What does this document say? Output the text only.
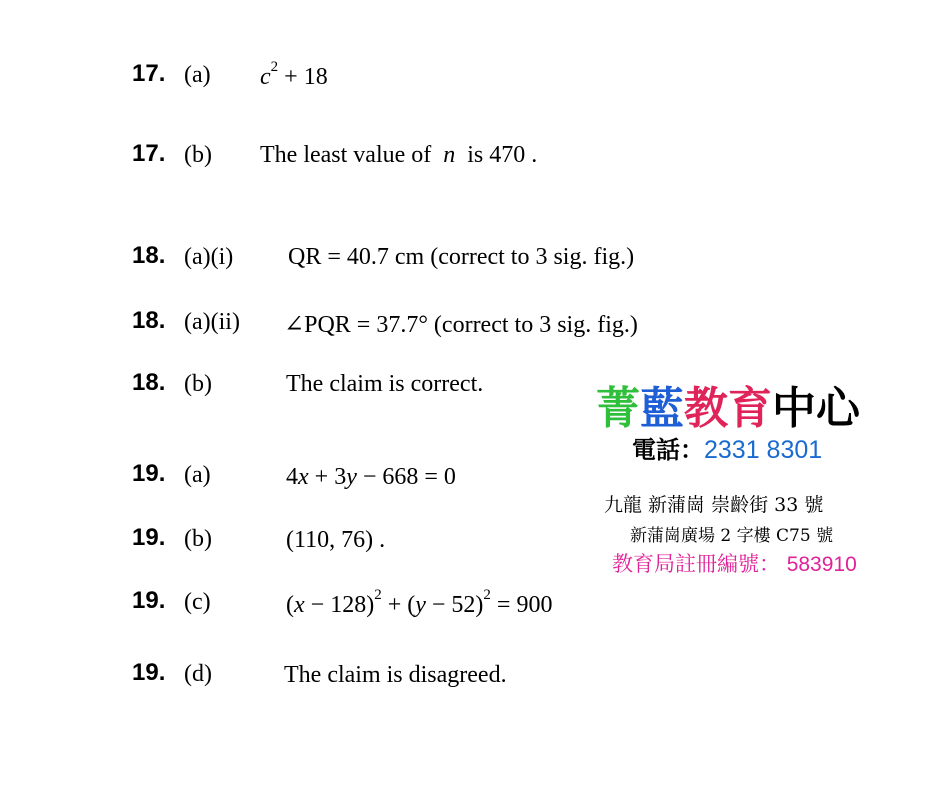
17. (a) $c^2 + 18$
17. (b) The least value of n is 470 .
18. (a)(i) QR = 40.7 cm (correct to 3 sig. fig.)
18. (a)(ii) ∠PQR = 37.7° (correct to 3 sig. fig.)
18. (b)	The claim is correct.
19. (a)	4x + 3y − 668 = 0
19. (b)	(110, 76) .
19. (c)	$(x - 128)^2 + (y - 52)^2 = 900$
19. (d)	The claim is disagreed.
菁藍教育中心
電話：2331 8301
九龍 新蒲崗 崇齡街 33 號
新蒲崗廣場 2 字樓 C75 號
教育局註冊編號： 583910
